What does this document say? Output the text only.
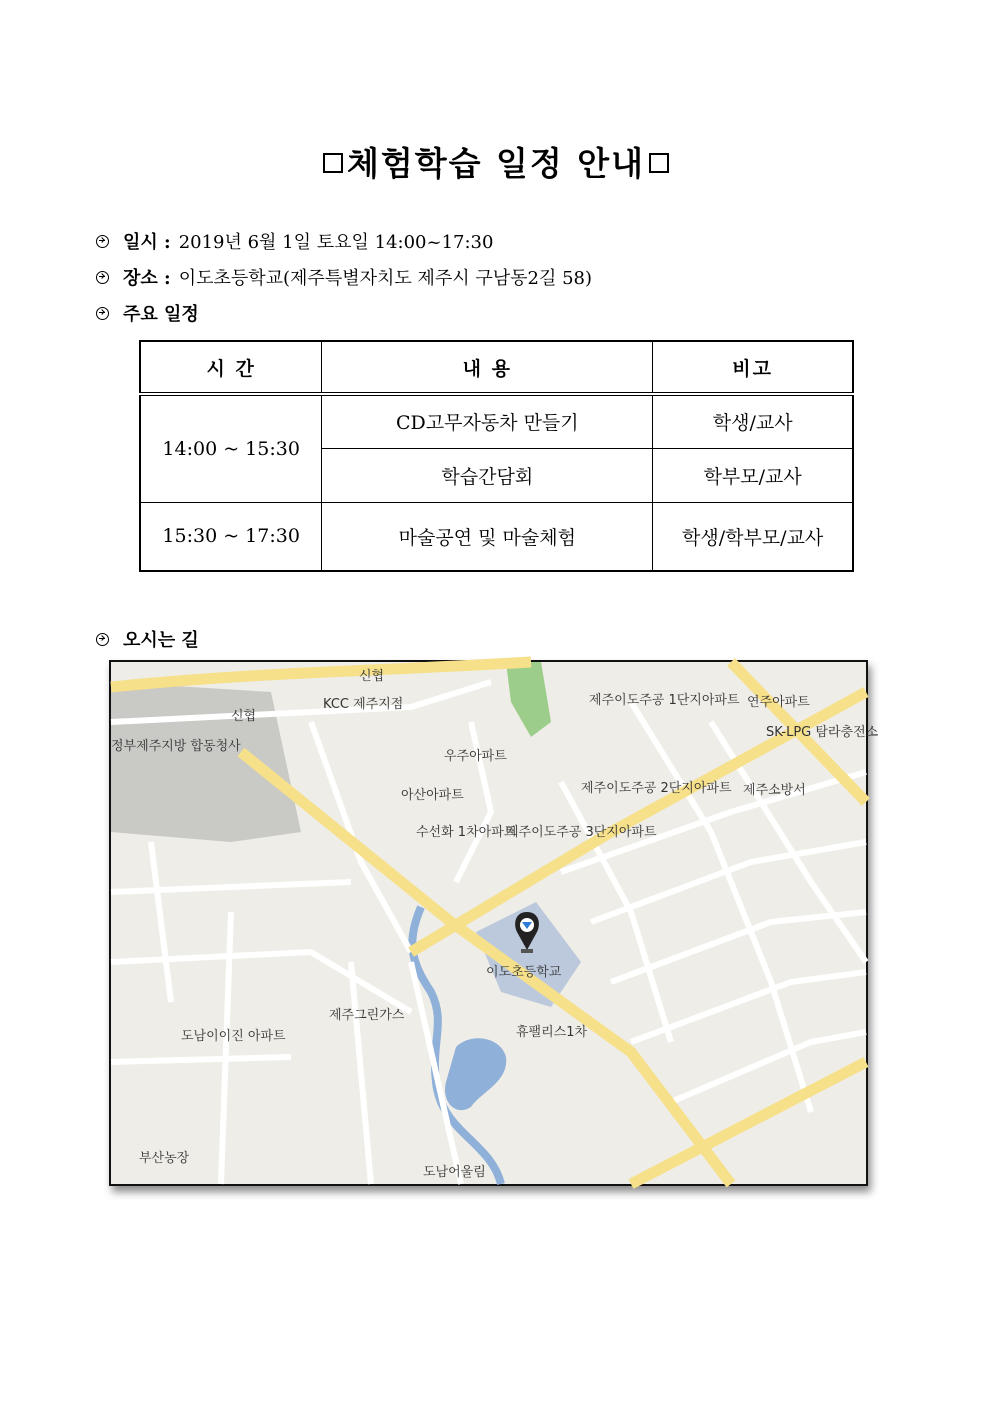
체험학습 일정 안내
일시 : 2019년 6월 1일 토요일 14:00~17:30
장소 : 이도초등학교(제주특별자치도 제주시 구남동2길 58)
주요 일정
시 간	내 용	비고
14:00 ~ 15:30	CD고무자동차 만들기	학생/교사
	학습간담회	학부모/교사
15:30 ~ 17:30	마술공연 및 마술체험	학생/학부모/교사
오시는 길
신협
신협
KCC 제주지점
정부제주지방 합동청사
우주아파트
아산아파트
수선화 1차아파트
제주이도주공 3단지아파트
제주이도주공 1단지아파트
제주이도주공 2단지아파트
연주아파트
SK-LPG 탐라충전소
제주소방서
이도초등학교
제주그린가스
도남이이진 아파트	휴팰리스1차
부산농장
도남어울림
